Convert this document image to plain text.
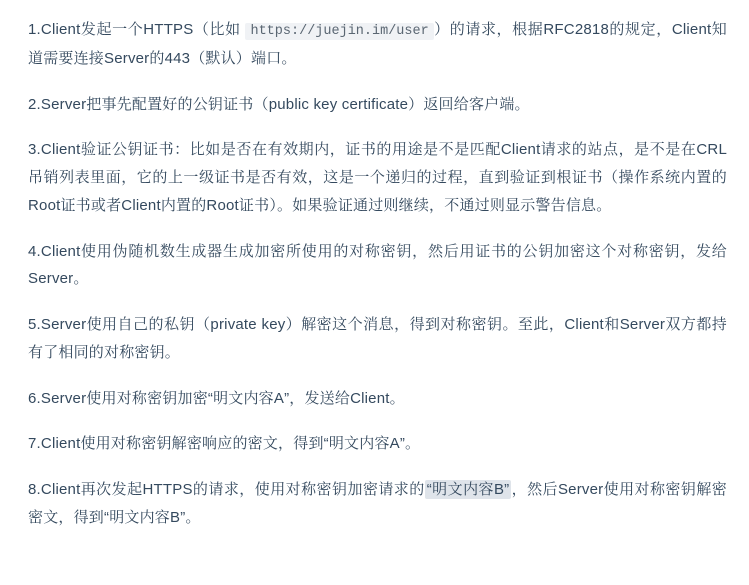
1.Client发起一个HTTPS（比如 https://juejin.im/user ）的请求，根据RFC2818的规定，Client知道需要连接Server的443（默认）端口。

2.Server把事先配置好的公钥证书（public key certificate）返回给客户端。

3.Client验证公钥证书：比如是否在有效期内，证书的用途是不是匹配Client请求的站点，是不是在CRL吊销列表里面，它的上一级证书是否有效，这是一个递归的过程，直到验证到根证书（操作系统内置的Root证书或者Client内置的Root证书）。如果验证通过则继续，不通过则显示警告信息。

4.Client使用伪随机数生成器生成加密所使用的对称密钥，然后用证书的公钥加密这个对称密钥，发给Server。

5.Server使用自己的私钥（private key）解密这个消息，得到对称密钥。至此，Client和Server双方都持有了相同的对称密钥。

6.Server使用对称密钥加密“明文内容A”，发送给Client。

7.Client使用对称密钥解密响应的密文，得到“明文内容A”。

8.Client再次发起HTTPS的请求，使用对称密钥加密请求的 “明文内容B” ，然后Server使用对称密钥解密密文，得到“明文内容B”。
